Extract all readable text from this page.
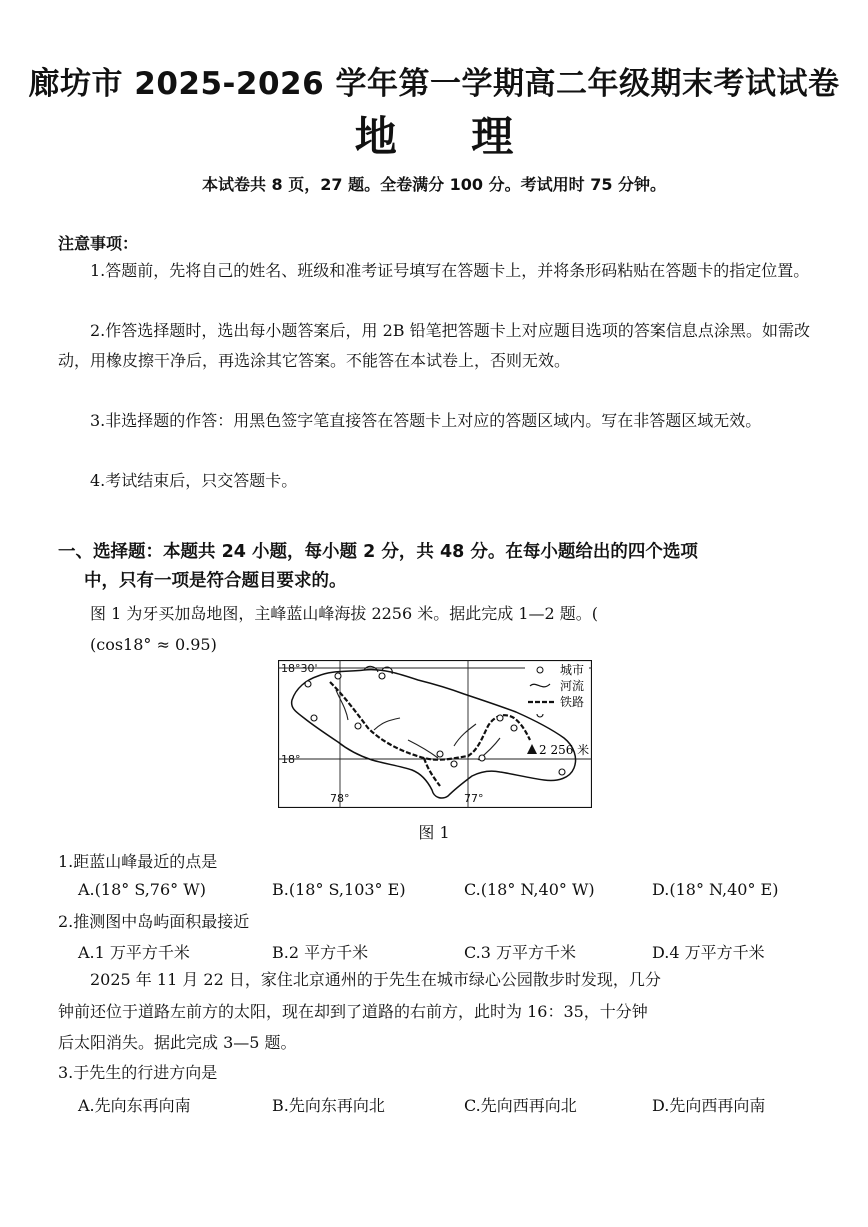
廊坊市 2025-2026 学年第一学期高二年级期末考试试卷
地 理
本试卷共 8 页，27 题。全卷满分 100 分。考试用时 75 分钟。
注意事项：
1.答题前，先将自己的姓名、班级和准考证号填写在答题卡上，并将条形码粘贴在答题卡的指定位置。
2.作答选择题时，选出每小题答案后，用 2B 铅笔把答题卡上对应题目选项的答案信息点涂黑。如需改动，用橡皮擦干净后，再选涂其它答案。不能答在本试卷上，否则无效。
3.非选择题的作答：用黑色签字笔直接答在答题卡上对应的答题区域内。写在非答题区域无效。
4.考试结束后，只交答题卡。
一、选择题：本题共 24 小题，每小题 2 分，共 48 分。在每小题给出的四个选项
中，只有一项是符合题目要求的。
图 1 为牙买加岛地图，主峰蓝山峰海拔 2256 米。据此完成 1—2 题。(
(cos18° ≈ 0.95)
2 256 米
18°30'
18°
78°	77°
城市
河流
铁路
图 1
1.距蓝山峰最近的点是
A.(18° S,76° W)	B.(18° S,103° E)	C.(18° N,40° W)	D.(18° N,40° E)
2.推测图中岛屿面积最接近
A.1 万平方千米	B.2 平方千米	C.3 万平方千米	D.4 万平方千米
2025 年 11 月 22 日，家住北京通州的于先生在城市绿心公园散步时发现，几分
钟前还位于道路左前方的太阳，现在却到了道路的右前方，此时为 16：35，十分钟
后太阳消失。据此完成 3—5 题。
3.于先生的行进方向是
A.先向东再向南	B.先向东再向北	C.先向西再向北	D.先向西再向南
